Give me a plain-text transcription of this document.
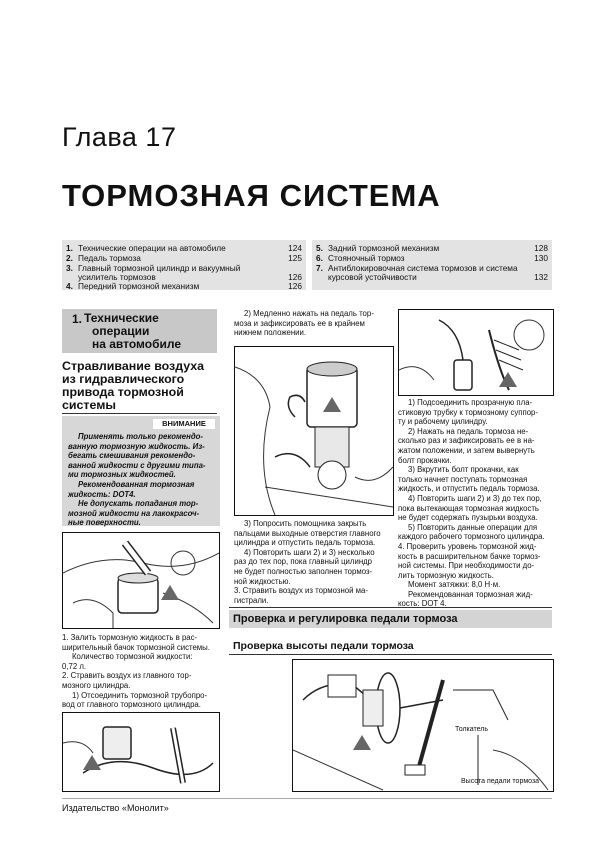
Глава 17
ТОРМОЗНАЯ СИСТЕМА
1. Технические операции на автомобиле	124
2. Педаль тормоза	125
3. Главный тормозной цилиндр и вакуумный
усилитель тормозов	126
4. Передний тормозной механизм	126
5. Задний тормозной механизм	128
6. Стояночный тормоз	130
7. Антиблокировочная система тормозов и система
курсовой устойчивости	132
1. Технические
операции
на автомобиле
Стравливание воздуха
из гидравлического
привода тормозной
системы
ВНИМАНИЕ
Применять только рекомендо-
ванную тормозную жидкость. Из-
бегать смешивания рекомендо-
ванной жидкости с другими типа-
ми тормозных жидкостей.
Рекомендованная тормозная
жидкость: DOT4.
Не допускать попадания тор-
мозной жидкости на лакокрасоч-
ные поверхности.
1. Залить тормозную жидкость в рас-
ширительный бачок тормозной системы.
Количество тормозной жидкости:
0,72 л.
2. Стравить воздух из главного тор-
мозного цилиндра.
1) Отсоединить тормозной трубопро-
вод от главного тормозного цилиндра.
2) Медленно нажать на педаль тор-
моза и зафиксировать ее в крайнем
нижнем положении.
3) Попросить помощника закрыть
пальцами выходные отверстия главного
цилиндра и отпустить педаль тормоза.
4) Повторить шаги 2) и 3) несколько
раз до тех пор, пока главный цилиндр
не будет полностью заполнен тормоз-
ной жидкостью.
3. Стравить воздух из тормозной ма-
гистрали.
1) Подсоединить прозрачную пла-
стиковую трубку к тормозному суппор-
ту и рабочему цилиндру.
2) Нажать на педаль тормоза не-
сколько раз и зафиксировать ее в на-
жатом положении, и затем вывернуть
болт прокачки.
3) Вкрутить болт прокачки, как
только начнет поступать тормозная
жидкость, и отпустить педаль тормоза.
4) Повторить шаги 2) и 3) до тех пор,
пока вытекающая тормозная жидкость
не будет содержать пузырьки воздуха.
5) Повторить данные операции для
каждого рабочего тормозного цилиндра.
4. Проверить уровень тормозной жид-
кость в расширительном бачке тормоз-
ной системы. При необходимости до-
лить тормозную жидкость.
Момент затяжки: 8,0 Н·м.
Рекомендованная тормозная жид-
кость: DOT 4.
Проверка и регулировка педали тормоза
Проверка высоты педали тормоза
Толкатель
Высота педали тормоза
Издательство «Монолит»
